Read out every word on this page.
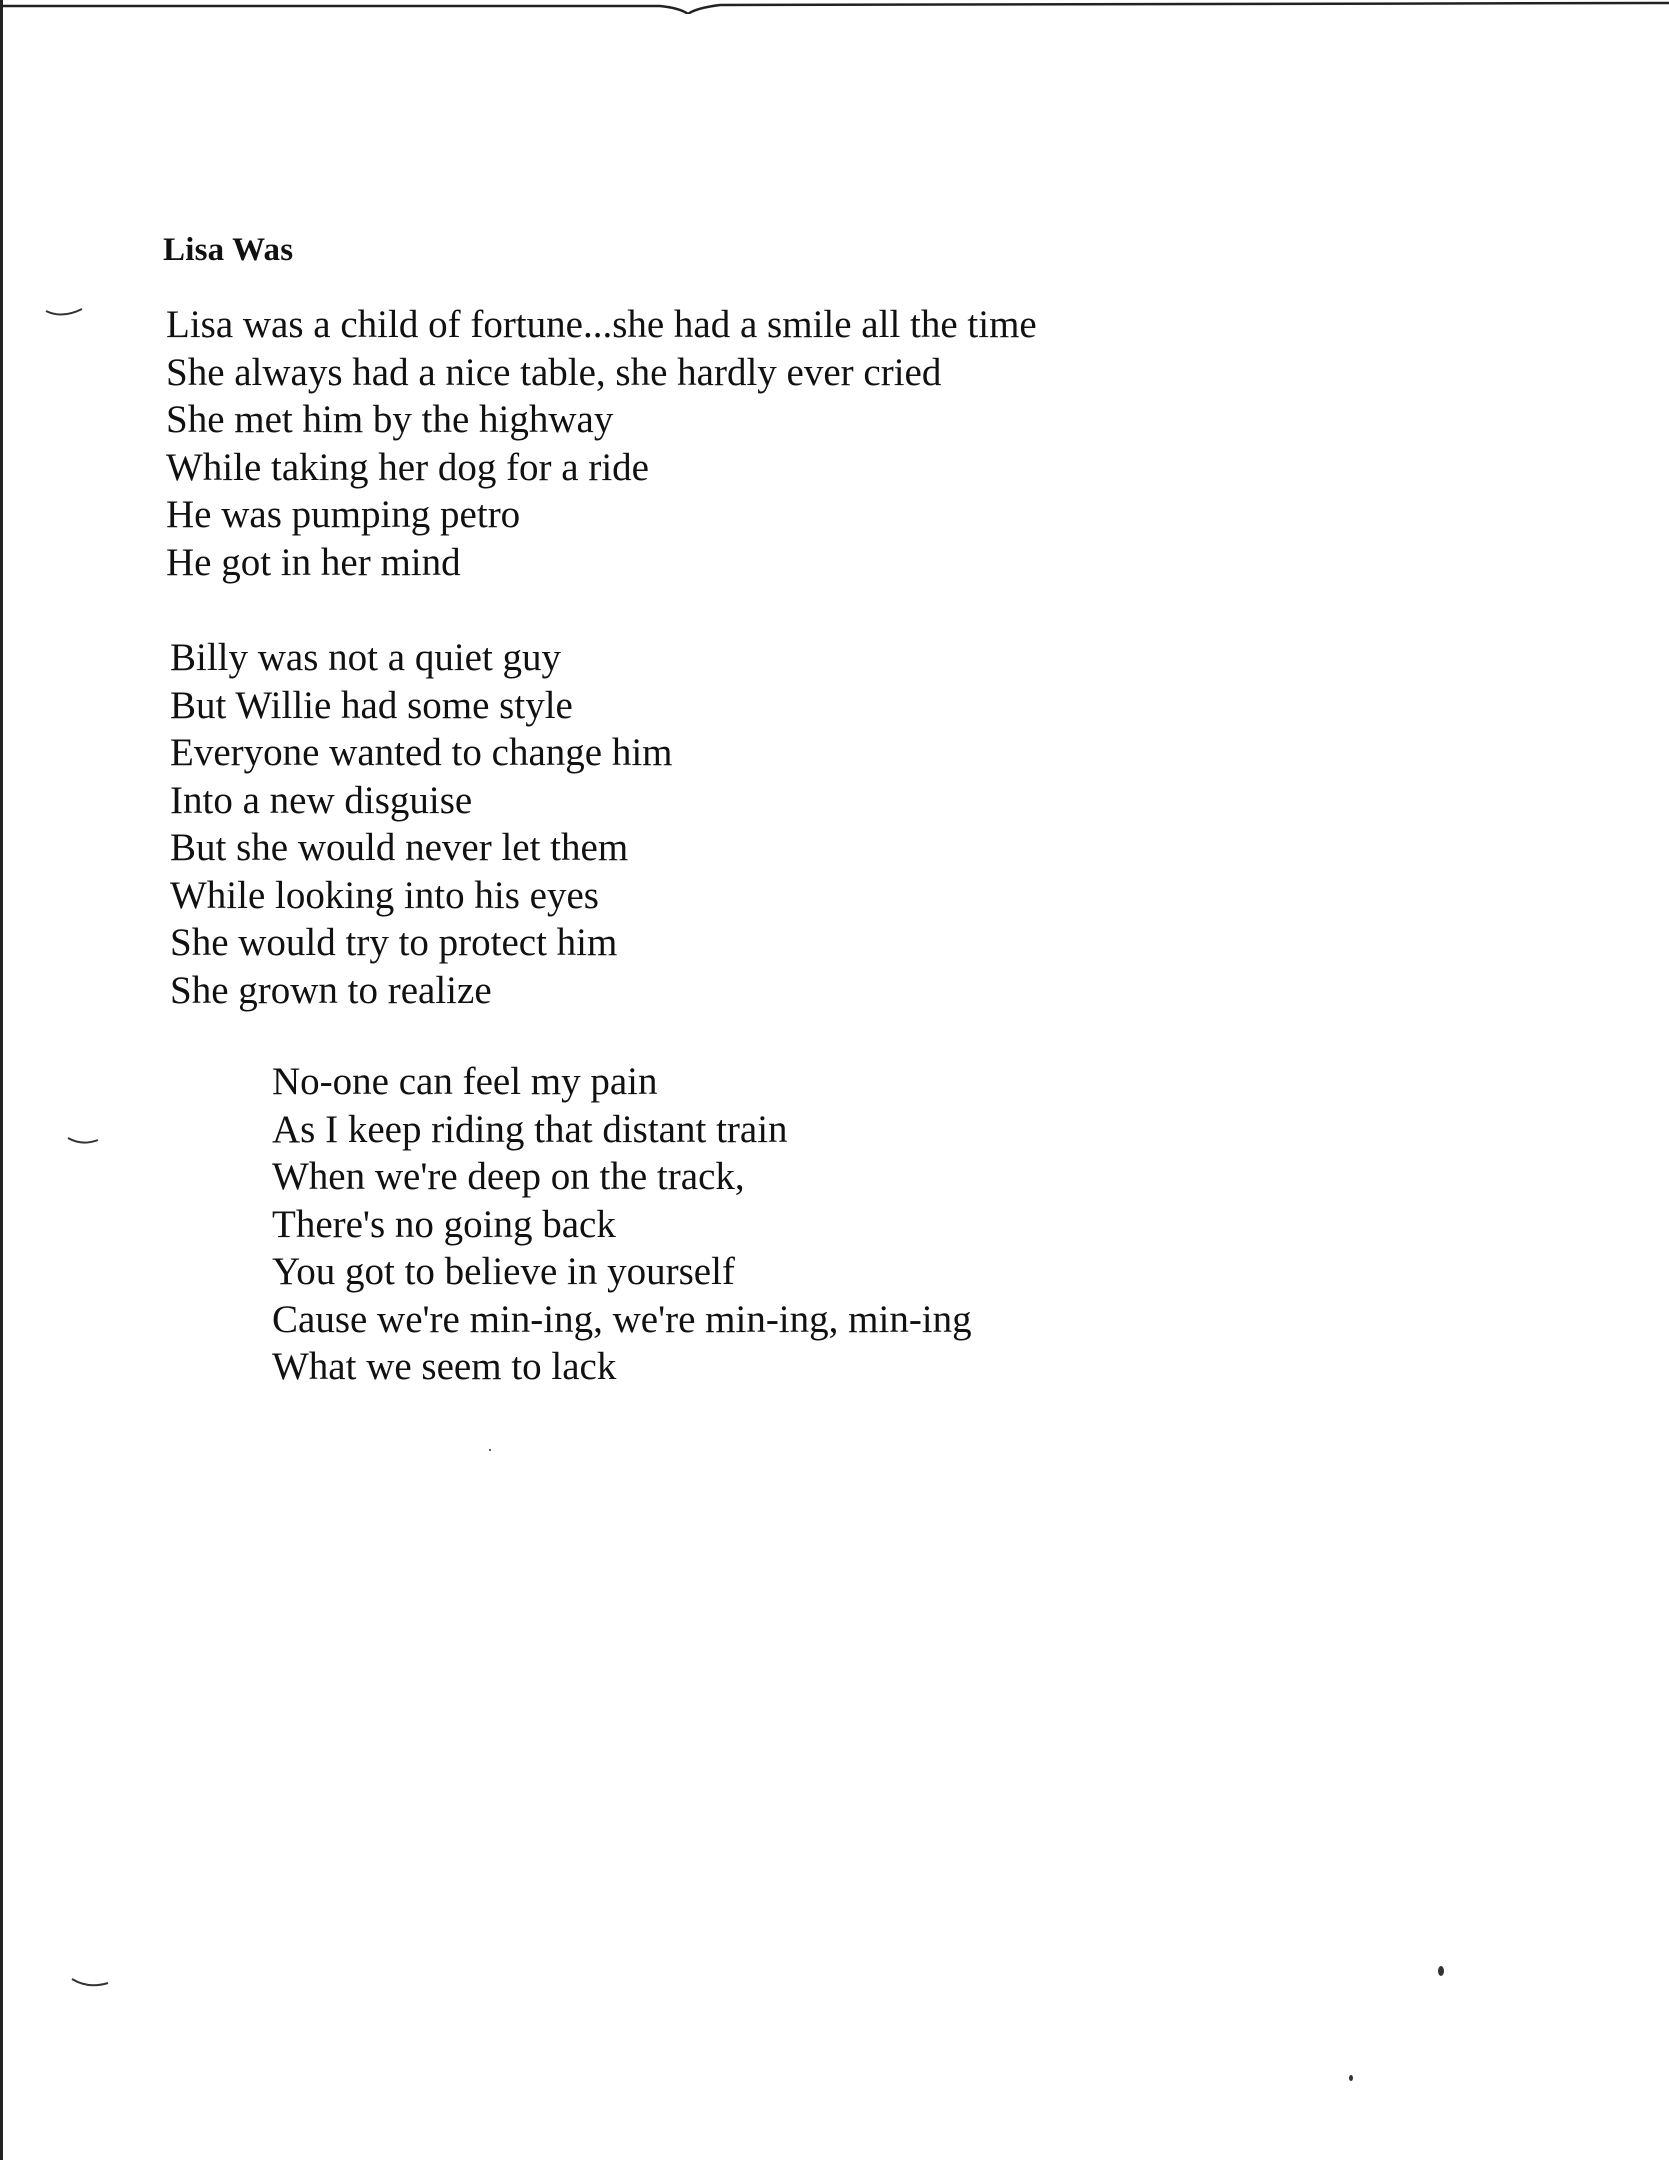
Lisa Was
Lisa was a child of fortune...she had a smile all the time
She always had a nice table, she hardly ever cried
She met him by the highway
While taking her dog for a ride
He was pumping petro
He got in her mind
Billy was not a quiet guy
But Willie had some style
Everyone wanted to change him
Into a new disguise
But she would never let them
While looking into his eyes
She would try to protect him
She grown to realize
No-one can feel my pain
As I keep riding that distant train
When we're deep on the track,
There's no going back
You got to believe in yourself
Cause we're min-ing, we're min-ing, min-ing
What we seem to lack
